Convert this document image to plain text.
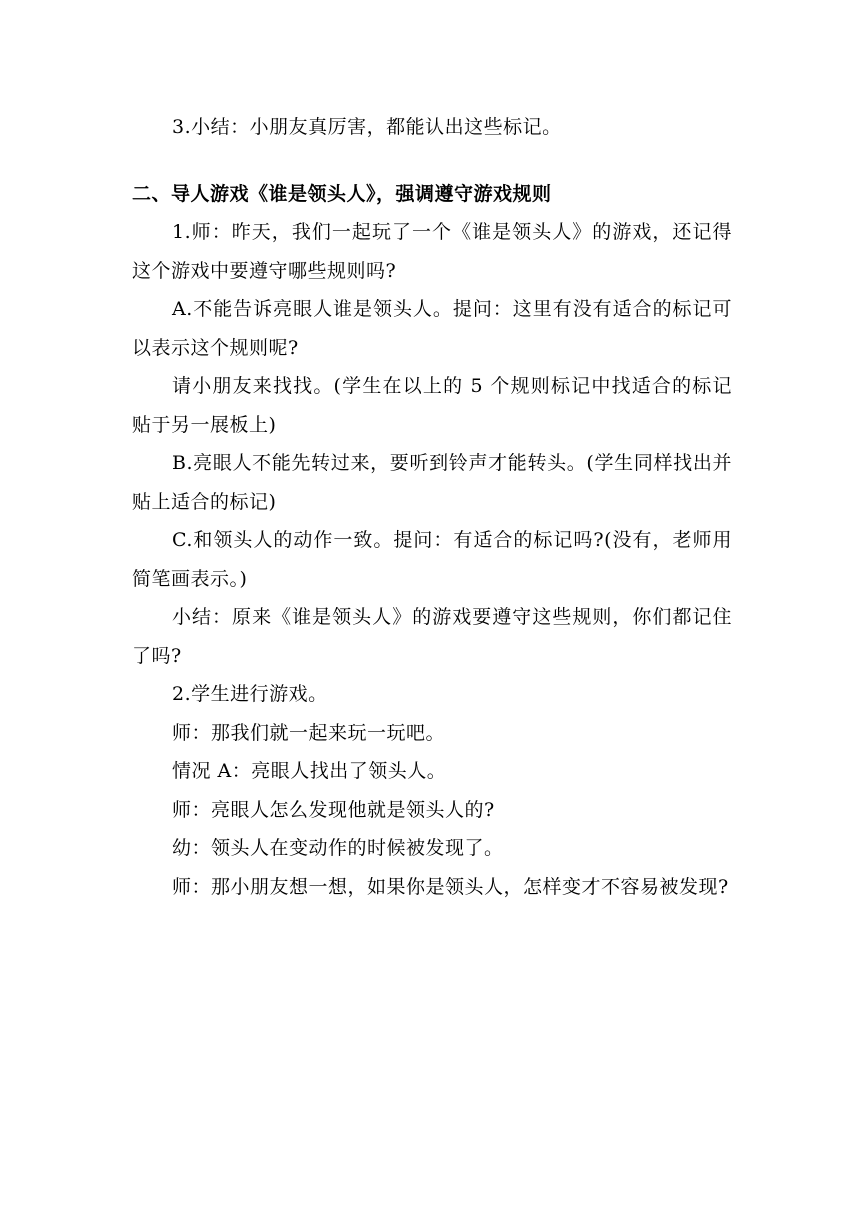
3.小结：小朋友真厉害，都能认出这些标记。

二、导人游戏《谁是领头人》，强调遵守游戏规则

1.师：昨天，我们一起玩了一个《谁是领头人》的游戏，还记得这个游戏中要遵守哪些规则吗?

A.不能告诉亮眼人谁是领头人。提问：这里有没有适合的标记可以表示这个规则呢?

请小朋友来找找。(学生在以上的 5 个规则标记中找适合的标记贴于另一展板上)

B.亮眼人不能先转过来，要听到铃声才能转头。(学生同样找出并贴上适合的标记)

C.和领头人的动作一致。提问：有适合的标记吗?(没有，老师用简笔画表示。)

小结：原来《谁是领头人》的游戏要遵守这些规则，你们都记住了吗?

2.学生进行游戏。

师：那我们就一起来玩一玩吧。

情况 A：亮眼人找出了领头人。

师：亮眼人怎么发现他就是领头人的?

幼：领头人在变动作的时候被发现了。

师：那小朋友想一想，如果你是领头人，怎样变才不容易被发现?
